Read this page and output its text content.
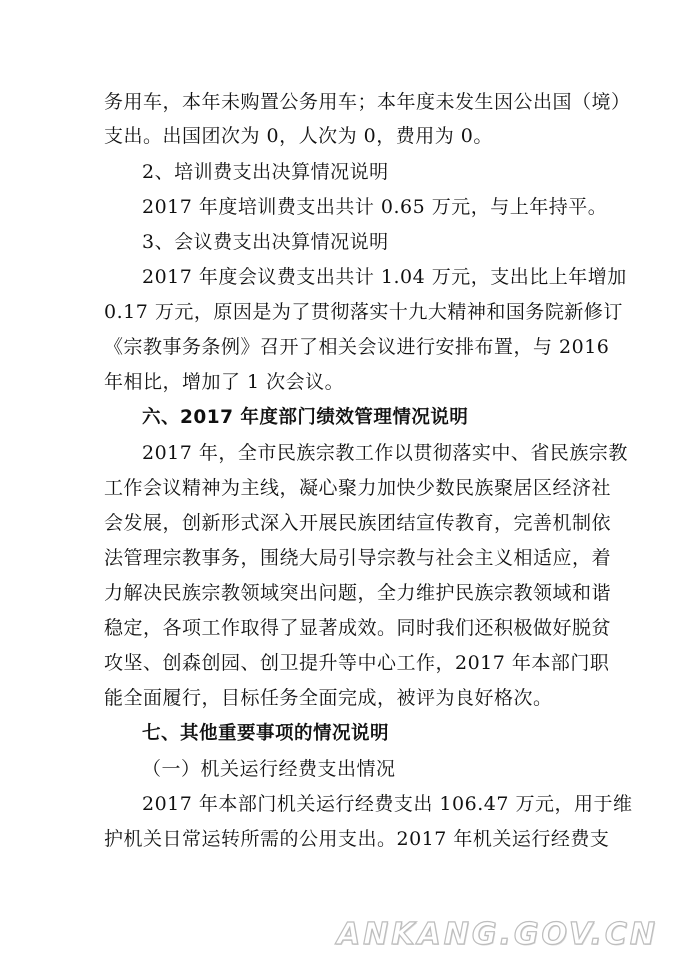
务用车，本年未购置公务用车；本年度未发生因公出国（境）
支出。出国团次为 0，人次为 0，费用为 0。
2、培训费支出决算情况说明
2017 年度培训费支出共计 0.65 万元，与上年持平。
3、会议费支出决算情况说明
2017 年度会议费支出共计 1.04 万元，支出比上年增加
0.17 万元，原因是为了贯彻落实十九大精神和国务院新修订
《宗教事务条例》召开了相关会议进行安排布置，与 2016
年相比，增加了 1 次会议。
六、2017 年度部门绩效管理情况说明
2017 年，全市民族宗教工作以贯彻落实中、省民族宗教
工作会议精神为主线，凝心聚力加快少数民族聚居区经济社
会发展，创新形式深入开展民族团结宣传教育，完善机制依
法管理宗教事务，围绕大局引导宗教与社会主义相适应，着
力解决民族宗教领域突出问题，全力维护民族宗教领域和谐
稳定，各项工作取得了显著成效。同时我们还积极做好脱贫
攻坚、创森创园、创卫提升等中心工作，2017 年本部门职
能全面履行，目标任务全面完成，被评为良好格次。
七、其他重要事项的情况说明
（一）机关运行经费支出情况
2017 年本部门机关运行经费支出 106.47 万元，用于维
护机关日常运转所需的公用支出。2017 年机关运行经费支
ANKANG.GOV.CN
